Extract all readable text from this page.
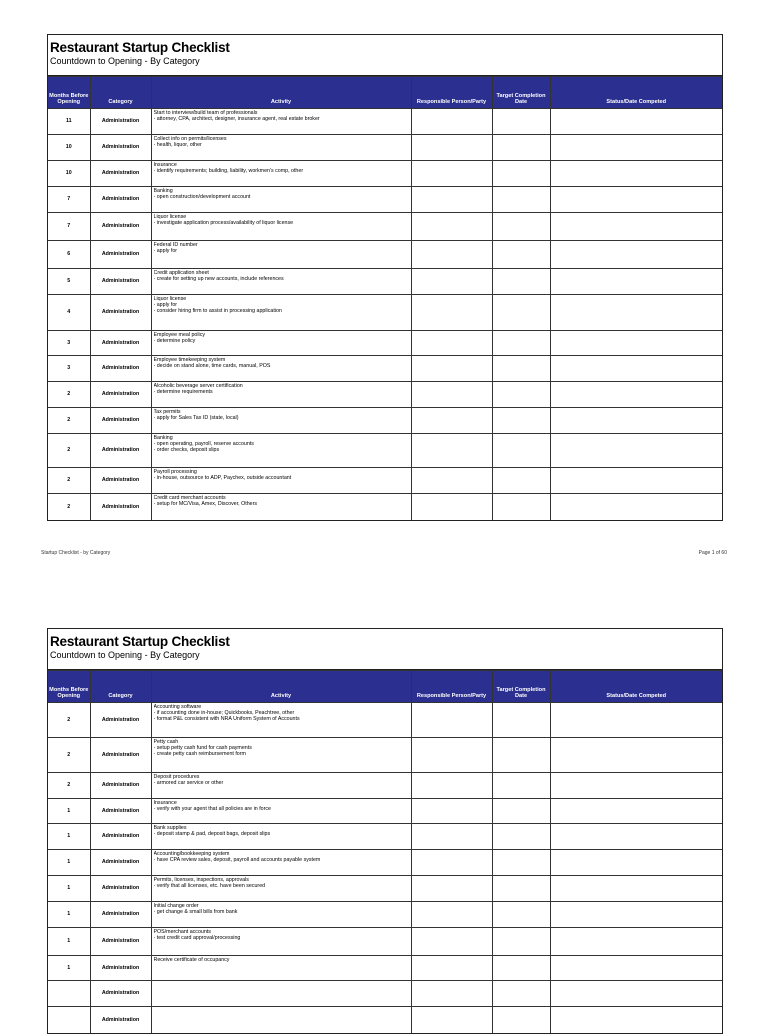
Restaurant Startup Checklist
Countdown to Opening - By Category
Months Before Opening	Category	Activity	Responsible Person/Party	Target Completion Date	Status/Date Competed
11	Administration	Start to interview/build team of professionals
- attorney, CPA, architect, designer, insurance agent, real estate broker			

10	Administration	Collect info on permits/licenses
- health, liquor, other			

10	Administration	Insurance
- identify requirements; building, liability, workmen's comp, other			

7	Administration	Banking
- open construction/development account			

7	Administration	Liquor license
- investigate application process/availability of liquor license			

6	Administration	Federal ID number
- apply for			

5	Administration	Credit application sheet
- create for setting up new accounts, include references			

4	Administration	Liquor license
- apply for
- consider hiring firm to assist in processing application			

3	Administration	Employee meal policy
- determine policy			

3	Administration	Employee timekeeping system
- decide on stand alone, time cards, manual, POS			

2	Administration	Alcoholic beverage server certification
- determine requirements			

2	Administration	Tax permits
- apply for Sales Tax ID (state, local)			

2	Administration	Banking
- open operating, payroll, reserve accounts
- order checks, deposit slips			

2	Administration	Payroll processing
- in-house, outsource to ADP, Paychex, outside accountant			

2	Administration	Credit card merchant accounts
- setup for MC/Visa, Amex, Discover, Others			

Startup Checklist - by Category	Page 1 of 60
Restaurant Startup Checklist
Countdown to Opening - By Category
Months Before Opening	Category	Activity	Responsible Person/Party	Target Completion Date	Status/Date Competed
2	Administration	Accounting software
- if accounting done in-house; Quickbooks, Peachtree, other
- format P&L consistent with NRA Uniform System of Accounts			

2	Administration	Petty cash
- setup petty cash fund for cash payments
- create petty cash reimbursement form			

2	Administration	Deposit procedures
- armored car service or other			

1	Administration	Insurance
- verify with your agent that all policies are in force			

1	Administration	Bank supplies
- deposit stamp & pad, deposit bags, deposit slips			

1	Administration	Accounting/bookkeeping system
- have CPA review sales, deposit, payroll and accounts payable system			

1	Administration	Permits, licenses, inspections, approvals
- verify that all licenses, etc. have been secured			

1	Administration	Initial change order
- get change & small bills from bank			

1	Administration	POS/merchant accounts
- test credit card approval/processing			

1	Administration	Receive certificate of occupancy			

	Administration				
	Administration				
